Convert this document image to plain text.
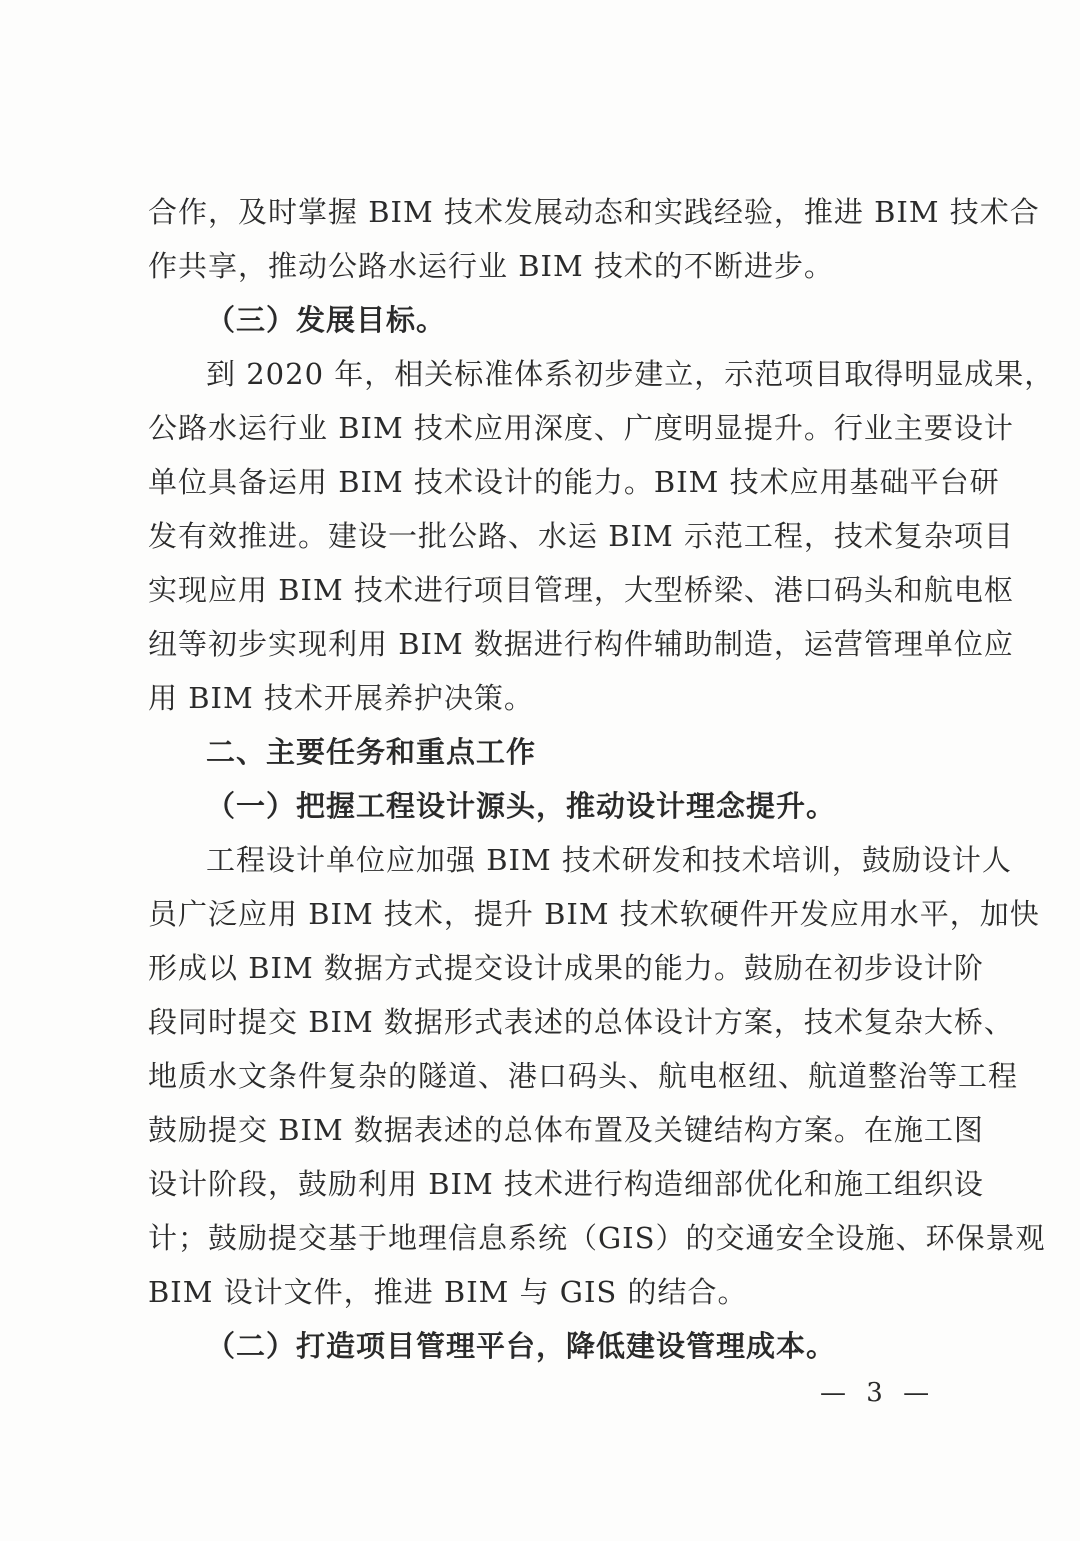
合作，及时掌握 BIM 技术发展动态和实践经验，推进 BIM 技术合
作共享，推动公路水运行业 BIM 技术的不断进步。
（三）发展目标。
到 2020 年，相关标准体系初步建立，示范项目取得明显成果，
公路水运行业 BIM 技术应用深度、广度明显提升。行业主要设计
单位具备运用 BIM 技术设计的能力。BIM 技术应用基础平台研
发有效推进。建设一批公路、水运 BIM 示范工程，技术复杂项目
实现应用 BIM 技术进行项目管理，大型桥梁、港口码头和航电枢
纽等初步实现利用 BIM 数据进行构件辅助制造，运营管理单位应
用 BIM 技术开展养护决策。
二、主要任务和重点工作
（一）把握工程设计源头，推动设计理念提升。
工程设计单位应加强 BIM 技术研发和技术培训，鼓励设计人
员广泛应用 BIM 技术，提升 BIM 技术软硬件开发应用水平，加快
形成以 BIM 数据方式提交设计成果的能力。鼓励在初步设计阶
段同时提交 BIM 数据形式表述的总体设计方案，技术复杂大桥、
地质水文条件复杂的隧道、港口码头、航电枢纽、航道整治等工程
鼓励提交 BIM 数据表述的总体布置及关键结构方案。在施工图
设计阶段，鼓励利用 BIM 技术进行构造细部优化和施工组织设
计；鼓励提交基于地理信息系统（GIS）的交通安全设施、环保景观
BIM 设计文件，推进 BIM 与 GIS 的结合。
（二）打造项目管理平台，降低建设管理成本。
— 3 —
